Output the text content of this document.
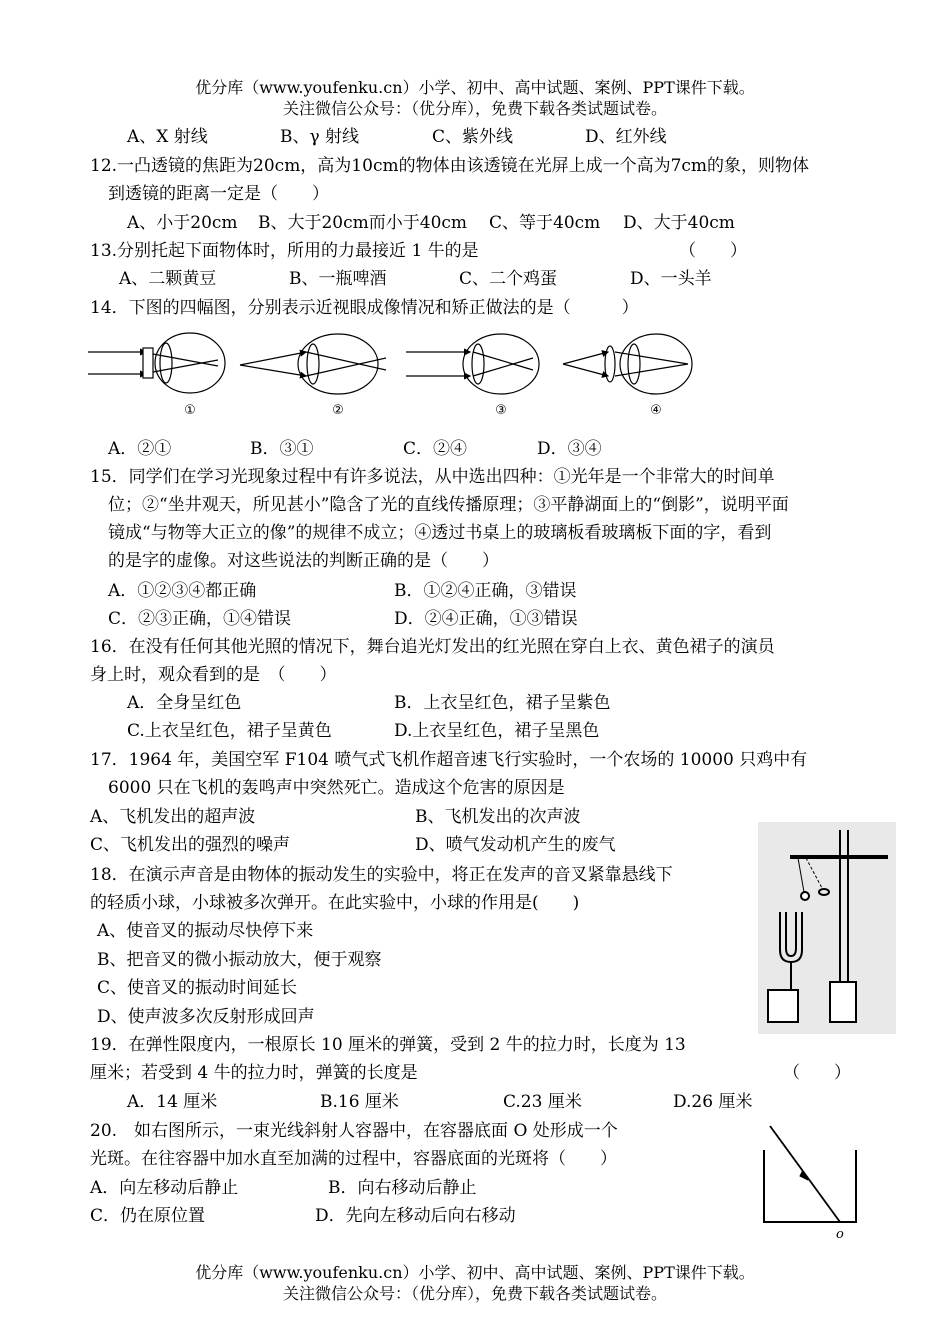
优分库（www.youfenku.cn）小学、初中、高中试题、案例、PPT课件下载。
关注微信公众号：（优分库），免费下载各类试题试卷。
A、X 射线	B、γ 射线	C、紫外线	D、红外线
12.一凸透镜的焦距为20cm，高为10cm的物体由该透镜在光屏上成一个高为7cm的象，则物体
到透镜的距离一定是（　　）
A、小于20cm B、大于20cm而小于40cm C、等于40cm D、大于40cm
13.分别托起下面物体时，所用的力最接近 1 牛的是	（　　）
A、二颗黄豆	B、一瓶啤酒	C、二个鸡蛋	D、一头羊
14．下图的四幅图，分别表示近视眼成像情况和矫正做法的是（　　　）
①	②	③	④
A．②①	B．③①	C．②④	D．③④
15．同学们在学习光现象过程中有许多说法，从中选出四种：①光年是一个非常大的时间单
位；②“坐井观天，所见甚小”隐含了光的直线传播原理；③平静湖面上的“倒影”，说明平面
镜成“与物等大正立的像”的规律不成立；④透过书桌上的玻璃板看玻璃板下面的字，看到
的是字的虚像。对这些说法的判断正确的是（　　）
A．①②③④都正确	B．①②④正确，③错误
C．②③正确，①④错误	D．②④正确，①③错误
16．在没有任何其他光照的情况下，舞台追光灯发出的红光照在穿白上衣、黄色裙子的演员
身上时，观众看到的是　（　　）
A．全身呈红色	B．上衣呈红色，裙子呈紫色
C.上衣呈红色，裙子呈黄色	D.上衣呈红色，裙子呈黑色
17．1964 年，美国空军 F104 喷气式飞机作超音速飞行实验时，一个农场的 10000 只鸡中有
6000 只在飞机的轰鸣声中突然死亡。造成这个危害的原因是
A、飞机发出的超声波	B、飞机发出的次声波
C、飞机发出的强烈的噪声	D、喷气发动机产生的废气
18．在演示声音是由物体的振动发生的实验中，将正在发声的音叉紧靠悬线下
的轻质小球，小球被多次弹开。在此实验中，小球的作用是(　　)
A、使音叉的振动尽快停下来
B、把音叉的微小振动放大，便于观察
C、使音叉的振动时间延长
D、使声波多次反射形成回声
19．在弹性限度内，一根原长 10 厘米的弹簧，受到 2 牛的拉力时，长度为 13
厘米；若受到 4 牛的拉力时，弹簧的长度是	（　　）
A．14 厘米	B.16 厘米	C.23 厘米	D.26 厘米
o
20.　如右图所示，一束光线斜射人容器中，在容器底面 O 处形成一个
光斑。在往容器中加水直至加满的过程中，容器底面的光斑将（　　）
A．向左移动后静止	B．向右移动后静止
C．仍在原位置	D．先向左移动后向右移动
优分库（www.youfenku.cn）小学、初中、高中试题、案例、PPT课件下载。
关注微信公众号：（优分库），免费下载各类试题试卷。
